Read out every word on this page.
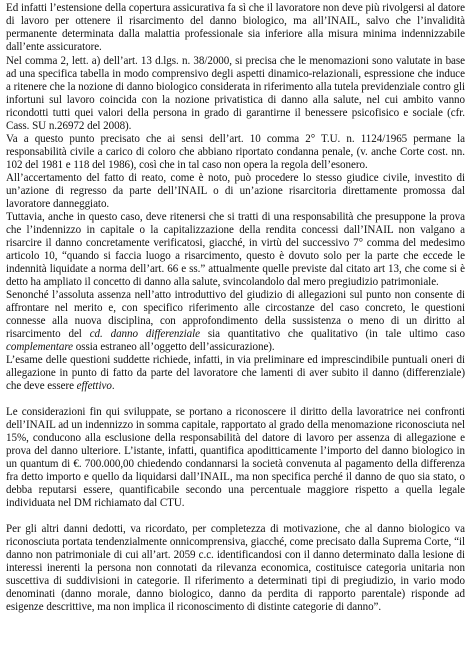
Ed infatti l’estensione della copertura assicurativa fa sì che il lavoratore non deve più rivolgersi al datore di lavoro per ottenere il risarcimento del danno biologico, ma all’INAIL, salvo che l’invalidità permanente determinata dalla malattia professionale sia inferiore alla misura minima indennizzabile dall’ente assicuratore.

Nel comma 2, lett. a) dell’art. 13 d.lgs. n. 38/2000, si precisa che le menomazioni sono valutate in base ad una specifica tabella in modo comprensivo degli aspetti dinamico-relazionali, espressione che induce a ritenere che la nozione di danno biologico considerata in riferimento alla tutela previdenziale contro gli infortuni sul lavoro coincida con la nozione privatistica di danno alla salute, nel cui ambito vanno ricondotti tutti quei valori della persona in grado di garantirne il benessere psicofisico e sociale (cfr. Cass. SU n.26972 del 2008).

Va a questo punto precisato che ai sensi dell’art. 10 comma 2° T.U. n. 1124/1965 permane la responsabilità civile a carico di coloro che abbiano riportato condanna penale, (v. anche Corte cost. nn. 102 del 1981 e 118 del 1986), così che in tal caso non opera la regola dell’esonero.

All’accertamento del fatto di reato, come è noto, può procedere lo stesso giudice civile, investito di un’azione di regresso da parte dell’INAIL o di un’azione risarcitoria direttamente promossa dal lavoratore danneggiato.

Tuttavia, anche in questo caso, deve ritenersi che si tratti di una responsabilità che presuppone la prova che l’indennizzo in capitale o la capitalizzazione della rendita concessi dall’INAIL non valgano a risarcire il danno concretamente verificatosi, giacché, in virtù del successivo 7° comma del medesimo articolo 10, “quando si faccia luogo a risarcimento, questo è dovuto solo per la parte che eccede le indennità liquidate a norma dell’art. 66 e ss.” attualmente quelle previste dal citato art 13, che come si è detto ha ampliato il concetto di danno alla salute, svincolandolo dal mero pregiudizio patrimoniale.

Senonché l’assoluta assenza nell’atto introduttivo del giudizio di allegazioni sul punto non consente di affrontare nel merito e, con specifico riferimento alle circostanze del caso concreto, le questioni connesse alla nuova disciplina, con approfondimento della sussistenza o meno di un diritto al risarcimento del cd. danno differenziale sia quantitativo che qualitativo (in tale ultimo caso complementare ossia estraneo all’oggetto dell’assicurazione).

L’esame delle questioni suddette richiede, infatti, in via preliminare ed imprescindibile puntuali oneri di allegazione in punto di fatto da parte del lavoratore che lamenti di aver subito il danno (differenziale) che deve essere effettivo.

Le considerazioni fin qui sviluppate, se portano a riconoscere il diritto della lavoratrice nei confronti dell’INAIL ad un indennizzo in somma capitale, rapportato al grado della menomazione riconosciuta nel 15%, conducono alla esclusione della responsabilità del datore di lavoro per assenza di allegazione e prova del danno ulteriore. L’istante, infatti, quantifica apoditticamente l’importo del danno biologico in un quantum di €. 700.000,00 chiedendo condannarsi la società convenuta al pagamento della differenza fra detto importo e quello da liquidarsi dall’INAIL, ma non specifica perché il danno de quo sia stato, o debba reputarsi essere, quantificabile secondo una percentuale maggiore rispetto a quella legale individuata nel DM richiamato dal CTU.

Per gli altri danni dedotti, va ricordato, per completezza di motivazione, che al danno biologico va riconosciuta portata tendenzialmente onnicomprensiva, giacché, come precisato dalla Suprema Corte, “il danno non patrimoniale di cui all’art. 2059 c.c. identificandosi con il danno determinato dalla lesione di interessi inerenti la persona non connotati da rilevanza economica, costituisce categoria unitaria non suscettiva di suddivisioni in categorie. Il riferimento a determinati tipi di pregiudizio, in vario modo denominati (danno morale, danno biologico, danno da perdita di rapporto parentale) risponde ad esigenze descrittive, ma non implica il riconoscimento di distinte categorie di danno”.
